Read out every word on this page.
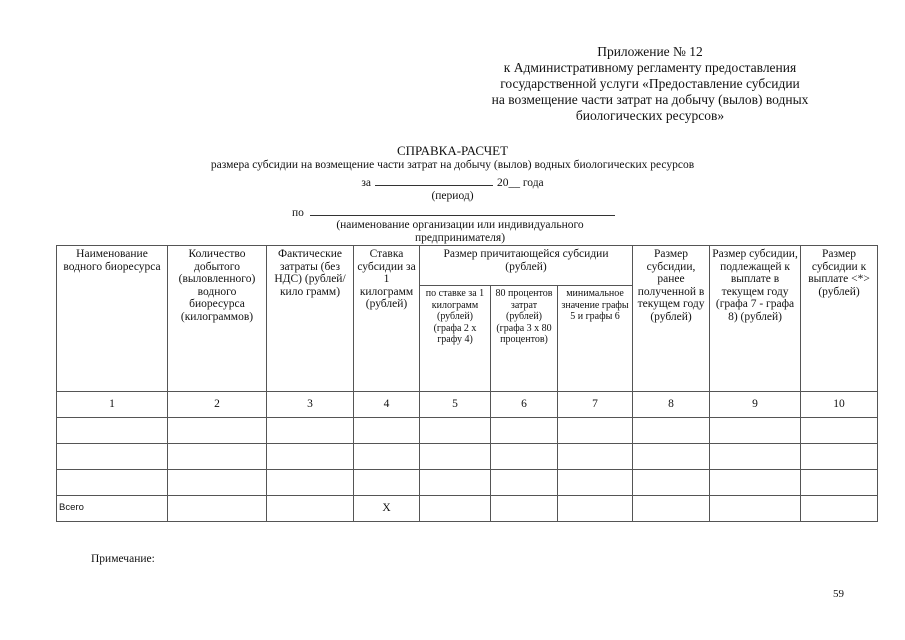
Приложение № 12
к Административному регламенту предоставления
государственной услуги «Предоставление субсидии
на возмещение части затрат на добычу (вылов) водных
биологических ресурсов»
СПРАВКА-РАСЧЕТ
размера субсидии на возмещение части затрат на добычу (вылов) водных биологических ресурсов
за	20__ года
(период)
по
(наименование организации или индивидуального
предпринимателя)
Наименование водного биоресурса	Количество добытого (выловленного) водного биоресурса (килограммов)	Фактические затраты (без НДС) (рублей/кило грамм)	Ставка субсидии за 1 килограмм (рублей)	Размер причитающейся субсидии (рублей)			Размер субсидии, ранее полученной в текущем году (рублей)	Размер субсидии, подлежащей к выплате в текущем году (графа 7 - графа 8) (рублей)	Размер субсидии к выплате <*> (рублей)
				по ставке за 1 килограмм (рублей) (графа 2 x графу 4)	80 процентов затрат (рублей) (графа 3 x 80 процентов)	минимальное значение графы 5 и графы 6			
1	2	3	4	5	6	7	8	9	10

Всего			Х						
Примечание:
59
